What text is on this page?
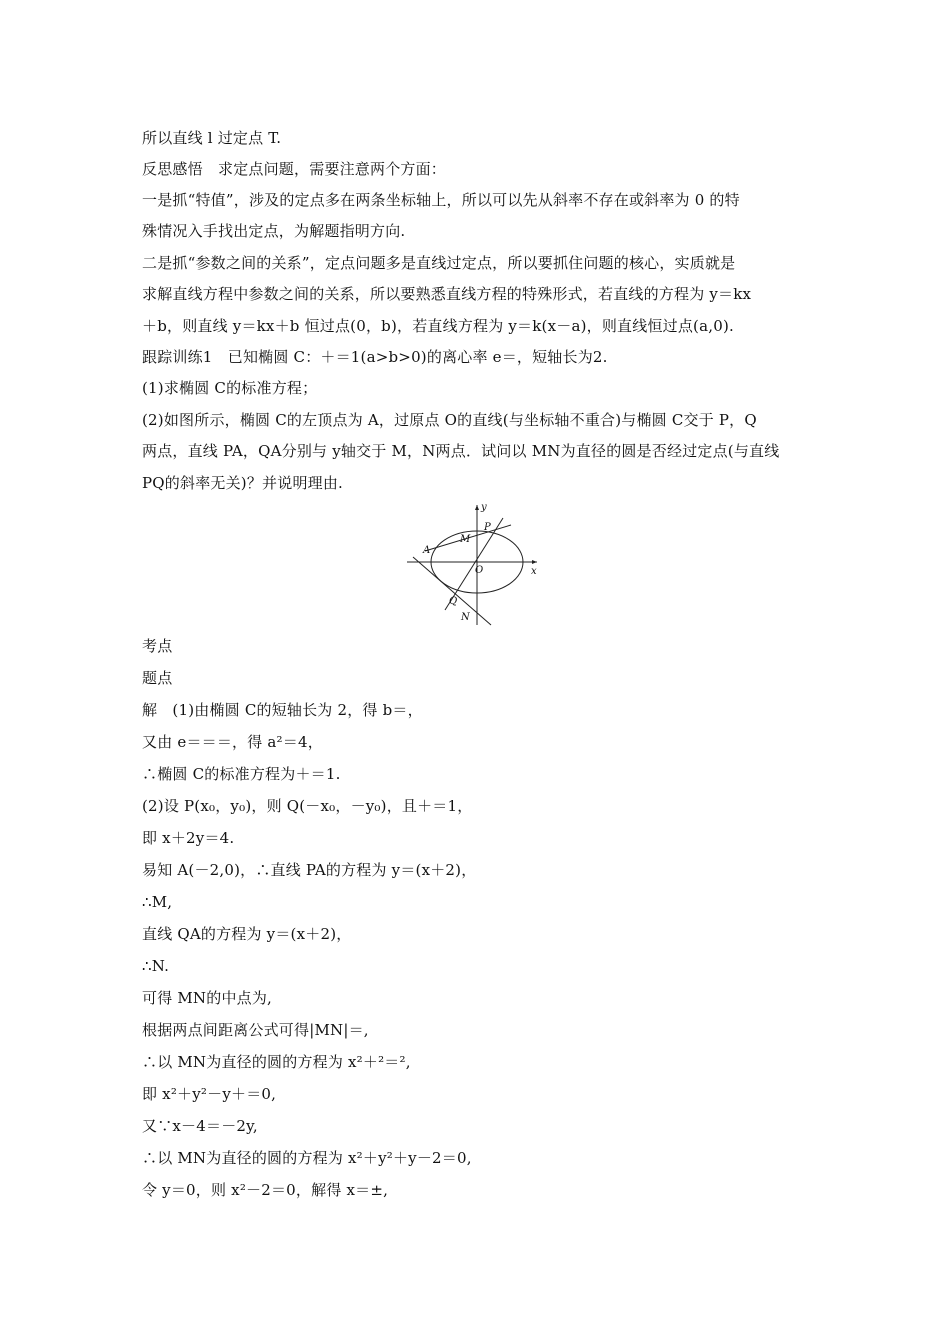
所以直线 l 过定点 T.
反思感悟　求定点问题，需要注意两个方面：
一是抓“特值”，涉及的定点多在两条坐标轴上，所以可以先从斜率不存在或斜率为 0 的特
殊情况入手找出定点，为解题指明方向.
二是抓“参数之间的关系”，定点问题多是直线过定点，所以要抓住问题的核心，实质就是
求解直线方程中参数之间的关系，所以要熟悉直线方程的特殊形式，若直线的方程为 y＝kx
＋b，则直线 y＝kx＋b 恒过点(0，b)，若直线方程为 y＝k(x－a)，则直线恒过点(a,0).
跟踪训练1　已知椭圆 C：＋＝1(a>b>0)的离心率 e＝，短轴长为2.
(1)求椭圆 C的标准方程；
(2)如图所示，椭圆 C的左顶点为 A，过原点 O的直线(与坐标轴不重合)与椭圆 C交于 P，Q
两点，直线 PA，QA分别与 y轴交于 M，N两点．试问以 MN为直径的圆是否经过定点(与直线
PQ的斜率无关)？并说明理由.
y
x
P
M
A
O
Q
N
考点
题点
解　(1)由椭圆 C的短轴长为 2，得 b＝，
又由 e＝＝＝，得 a²＝4，
∴椭圆 C的标准方程为＋＝1.
(2)设 P(x₀，y₀)，则 Q(－x₀，－y₀)，且＋＝1，
即 x＋2y＝4.
易知 A(－2,0)，∴直线 PA的方程为 y＝(x＋2)，
∴M,
直线 QA的方程为 y＝(x＋2)，
∴N.
可得 MN的中点为,
根据两点间距离公式可得|MN|＝,
∴以 MN为直径的圆的方程为 x²＋²＝²,
即 x²＋y²－y＋＝0,
又∵x－4＝－2y,
∴以 MN为直径的圆的方程为 x²＋y²＋y－2＝0,
令 y＝0，则 x²－2＝0，解得 x＝±,
